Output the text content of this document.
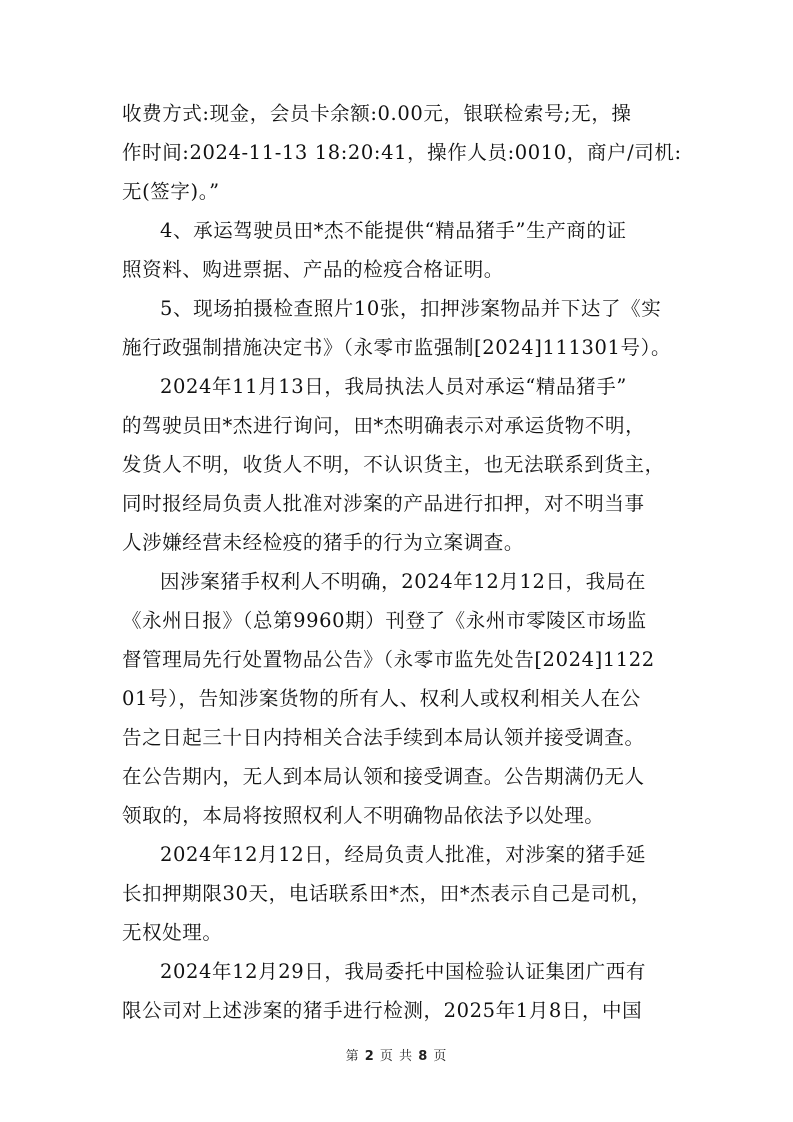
收费方式:现金，会员卡余额:0.00元，银联检索号;无，操
作时间:2024-11-13 18:20:41，操作人员:0010，商户/司机:
无(签字)。”
4、承运驾驶员田*杰不能提供“精品猪手”生产商的证
照资料、购进票据、产品的检疫合格证明。
5、现场拍摄检查照片10张，扣押涉案物品并下达了《实
施行政强制措施决定书》（永零市监强制[2024]111301号）。
2024年11月13日，我局执法人员对承运“精品猪手”
的驾驶员田*杰进行询问，田*杰明确表示对承运货物不明，
发货人不明，收货人不明，不认识货主，也无法联系到货主，
同时报经局负责人批准对涉案的产品进行扣押，对不明当事
人涉嫌经营未经检疫的猪手的行为立案调查。
因涉案猪手权利人不明确，2024年12月12日，我局在
《永州日报》（总第9960期）刊登了《永州市零陵区市场监
督管理局先行处置物品公告》（永零市监先处告[2024]1122
01号），告知涉案货物的所有人、权利人或权利相关人在公
告之日起三十日内持相关合法手续到本局认领并接受调查。
在公告期内，无人到本局认领和接受调查。公告期满仍无人
领取的，本局将按照权利人不明确物品依法予以处理。
2024年12月12日，经局负责人批准，对涉案的猪手延
长扣押期限30天，电话联系田*杰，田*杰表示自己是司机，
无权处理。
2024年12月29日，我局委托中国检验认证集团广西有
限公司对上述涉案的猪手进行检测，2025年1月8日，中国
第 2 页 共 8 页
